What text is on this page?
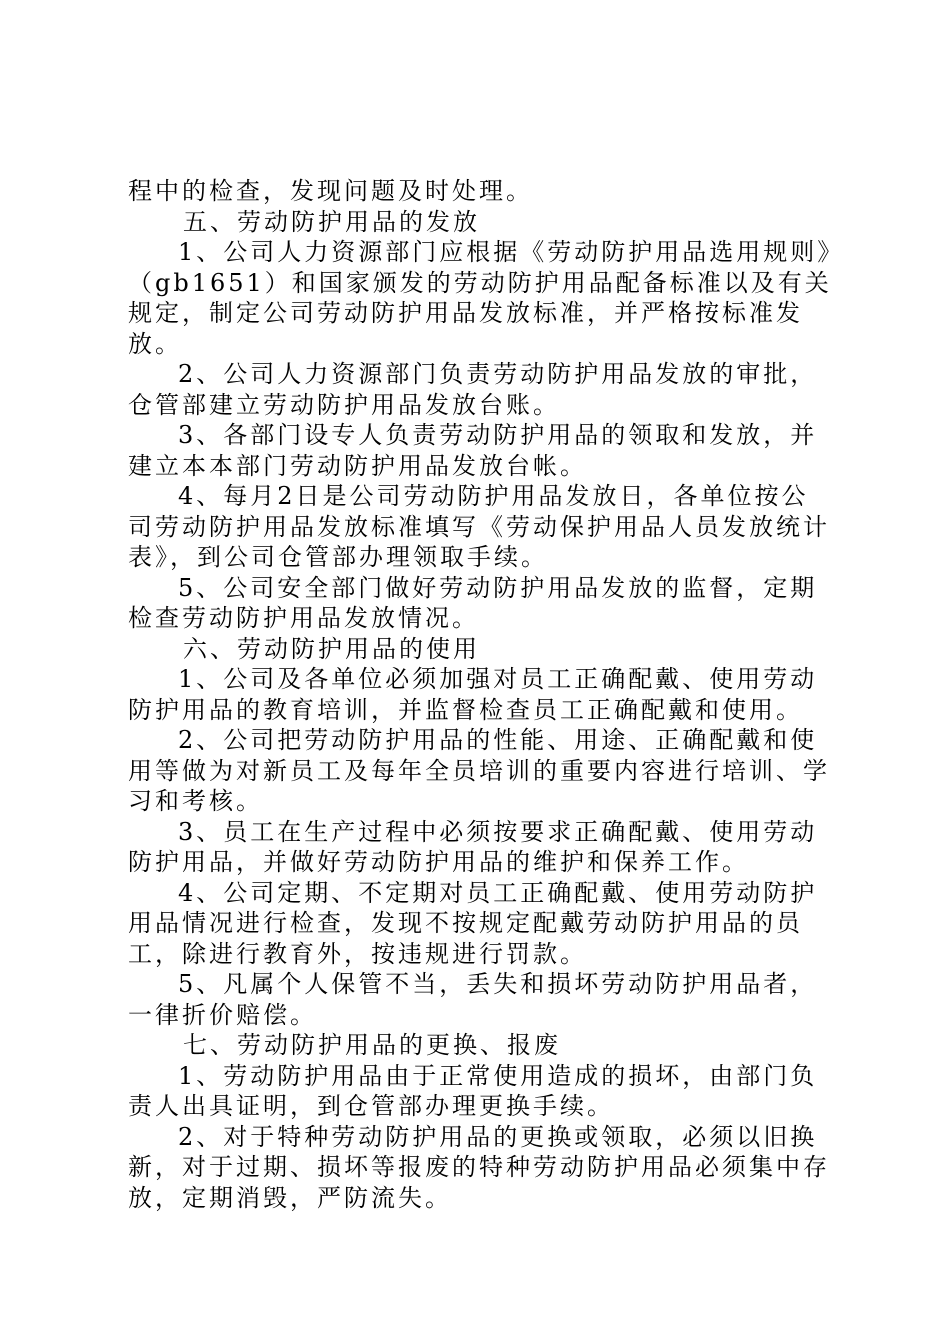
程中的检查，发现问题及时处理。

五、劳动防护用品的发放

1、公司人力资源部门应根据《劳动防护用品选用规则》（gb1651）和国家颁发的劳动防护用品配备标准以及有关规定，制定公司劳动防护用品发放标准，并严格按标准发放。

2、公司人力资源部门负责劳动防护用品发放的审批，仓管部建立劳动防护用品发放台账。

3、各部门设专人负责劳动防护用品的领取和发放，并建立本本部门劳动防护用品发放台帐。

4、每月2日是公司劳动防护用品发放日，各单位按公司劳动防护用品发放标准填写《劳动保护用品人员发放统计表》，到公司仓管部办理领取手续。

5、公司安全部门做好劳动防护用品发放的监督，定期检查劳动防护用品发放情况。

六、劳动防护用品的使用

1、公司及各单位必须加强对员工正确配戴、使用劳动防护用品的教育培训，并监督检查员工正确配戴和使用。

2、公司把劳动防护用品的性能、用途、正确配戴和使用等做为对新员工及每年全员培训的重要内容进行培训、学习和考核。

3、员工在生产过程中必须按要求正确配戴、使用劳动防护用品，并做好劳动防护用品的维护和保养工作。

4、公司定期、不定期对员工正确配戴、使用劳动防护用品情况进行检查，发现不按规定配戴劳动防护用品的员工，除进行教育外，按违规进行罚款。

5、凡属个人保管不当，丢失和损坏劳动防护用品者，一律折价赔偿。

七、劳动防护用品的更换、报废

1、劳动防护用品由于正常使用造成的损坏，由部门负责人出具证明，到仓管部办理更换手续。

2、对于特种劳动防护用品的更换或领取，必须以旧换新，对于过期、损坏等报废的特种劳动防护用品必须集中存放，定期消毁，严防流失。
